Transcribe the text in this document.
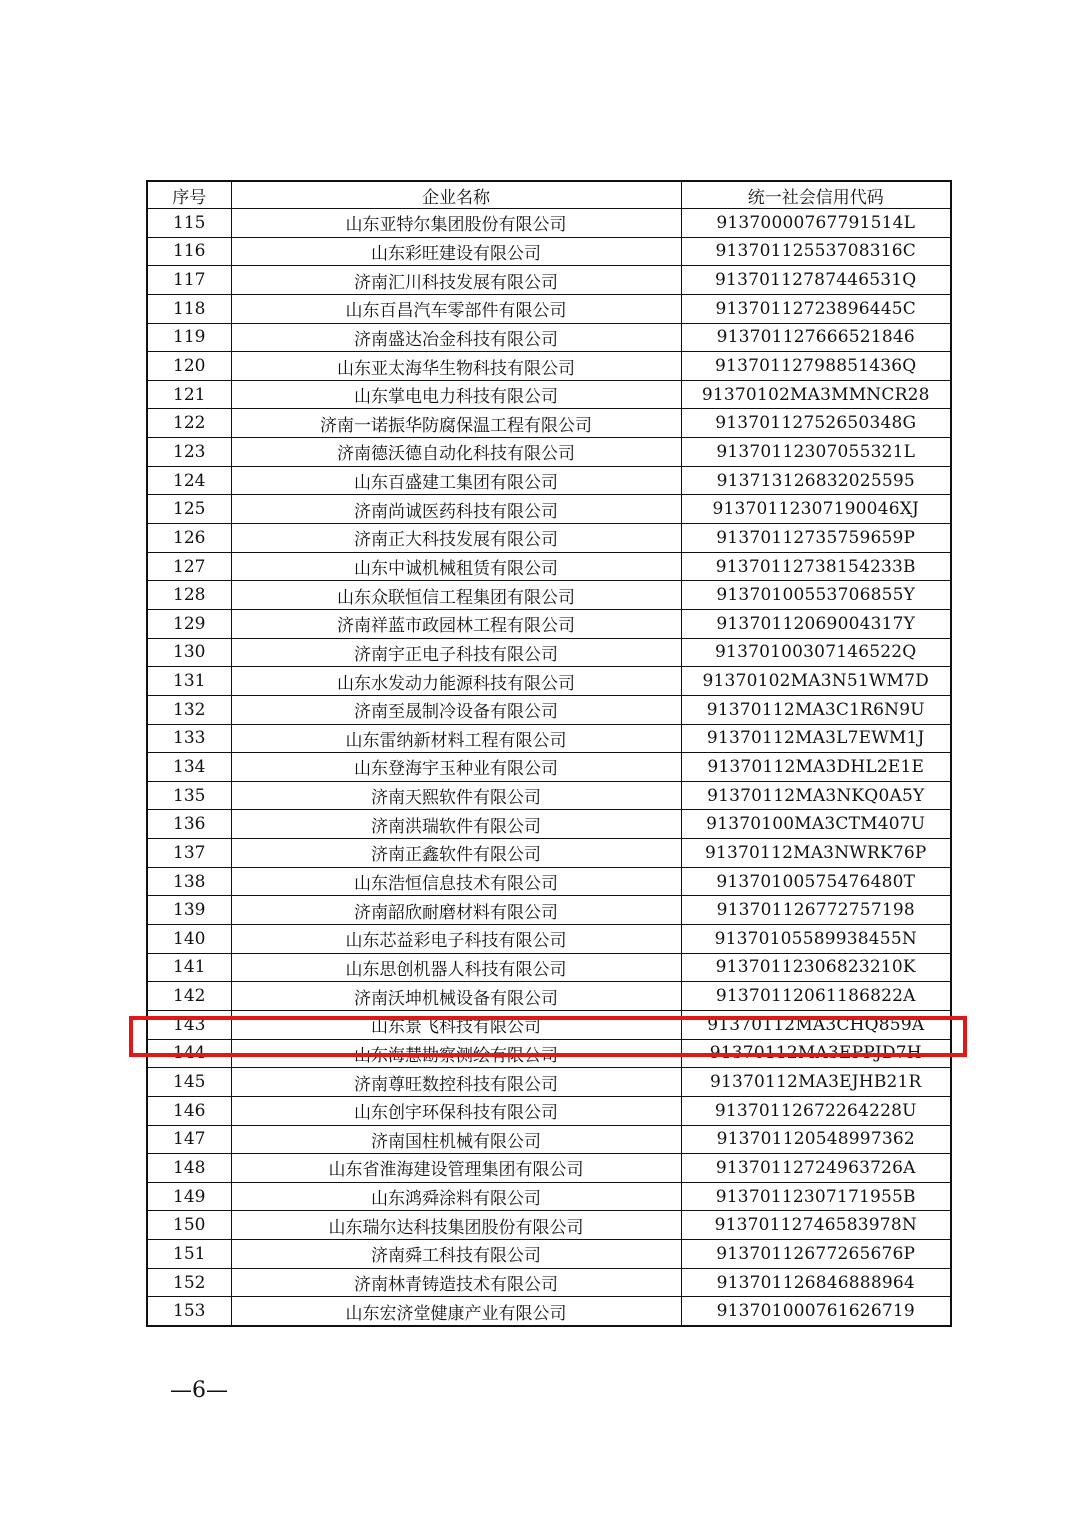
序号	企业名称	统一社会信用代码
115	山东亚特尔集团股份有限公司	91370000767791514L
116	山东彩旺建设有限公司	91370112553708316C
117	济南汇川科技发展有限公司	91370112787446531Q
118	山东百昌汽车零部件有限公司	91370112723896445C
119	济南盛达冶金科技有限公司	913701127666521846
120	山东亚太海华生物科技有限公司	91370112798851436Q
121	山东掌电电力科技有限公司	91370102MA3MMNCR28
122	济南一诺振华防腐保温工程有限公司	91370112752650348G
123	济南德沃德自动化科技有限公司	91370112307055321L
124	山东百盛建工集团有限公司	913713126832025595
125	济南尚诚医药科技有限公司	91370112307190046XJ
126	济南正大科技发展有限公司	91370112735759659P
127	山东中诚机械租赁有限公司	91370112738154233B
128	山东众联恒信工程集团有限公司	91370100553706855Y
129	济南祥蓝市政园林工程有限公司	91370112069004317Y
130	济南宇正电子科技有限公司	91370100307146522Q
131	山东水发动力能源科技有限公司	91370102MA3N51WM7D
132	济南至晟制冷设备有限公司	91370112MA3C1R6N9U
133	山东雷纳新材料工程有限公司	91370112MA3L7EWM1J
134	山东登海宇玉种业有限公司	91370112MA3DHL2E1E
135	济南天熙软件有限公司	91370112MA3NKQ0A5Y
136	济南洪瑞软件有限公司	91370100MA3CTM407U
137	济南正鑫软件有限公司	91370112MA3NWRK76P
138	山东浩恒信息技术有限公司	91370100575476480T
139	济南韶欣耐磨材料有限公司	913701126772757198
140	山东芯益彩电子科技有限公司	91370105589938455N
141	山东思创机器人科技有限公司	91370112306823210K
142	济南沃坤机械设备有限公司	91370112061186822A
143	山东景飞科技有限公司	91370112MA3CHQ859A
144	山东海慧勘察测绘有限公司	91370112MA3EPPJD7H
145	济南尊旺数控科技有限公司	91370112MA3EJHB21R
146	山东创宇环保科技有限公司	91370112672264228U
147	济南国柱机械有限公司	913701120548997362
148	山东省淮海建设管理集团有限公司	91370112724963726A
149	山东鸿舜涂料有限公司	91370112307171955B
150	山东瑞尔达科技集团股份有限公司	91370112746583978N
151	济南舜工科技有限公司	91370112677265676P
152	济南林青铸造技术有限公司	913701126846888964
153	山东宏济堂健康产业有限公司	913701000761626719
—6—
